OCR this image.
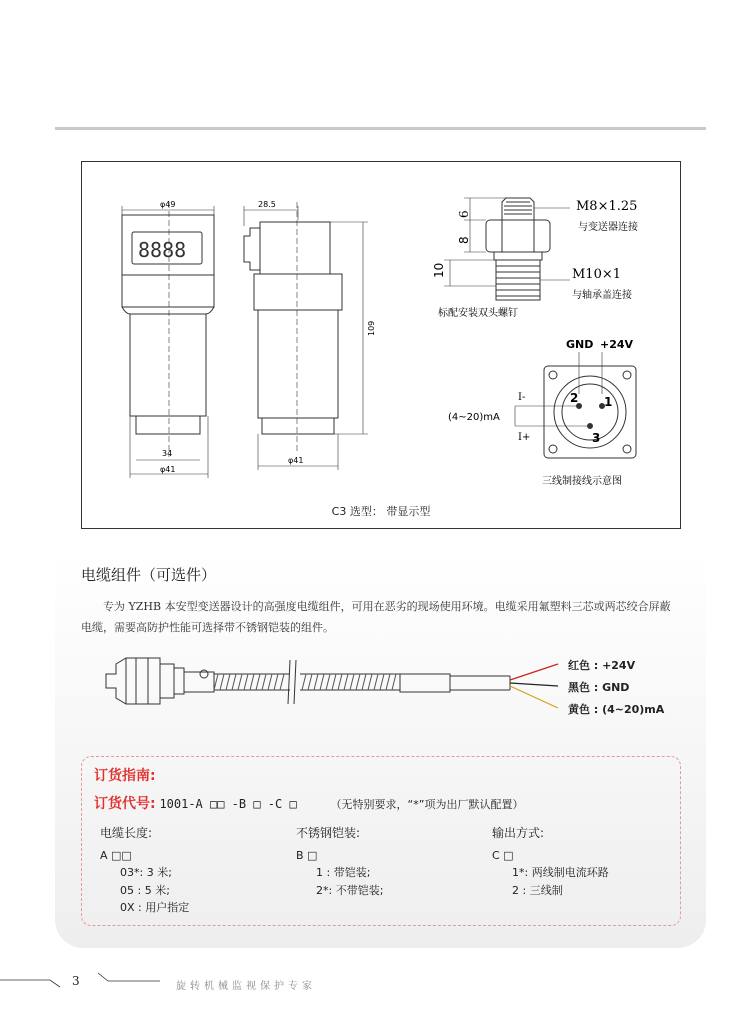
8888
φ49
34
φ41
28.5
109
φ41
6
8
10
M8×1.25
与变送器连接
M10×1
与轴承盖连接
标配安装双头螺钉
GND +24V
2 1
3
I-
I+
(4~20)mA
三线制接线示意图
C3 选型： 带显示型
电缆组件（可选件）
专为 YZHB 本安型变送器设计的高强度电缆组件，可用在恶劣的现场使用环境。电缆采用氟塑料三芯或两芯绞合屏蔽电缆，需要高防护性能可选择带不锈钢铠装的组件。
红色 : +24V
黑色 : GND
黄色 : (4~20)mA
订货指南:
订货代号: 1001-A □□ -B □ -C □	（无特别要求，“*”项为出厂默认配置）
电缆长度:
A □□
03*: 3 米;
05 : 5 米;
0X : 用户指定
不锈钢铠装:
B □
1 : 带铠装;
2*: 不带铠装;
输出方式:
C □
1*: 两线制电流环路
2 : 三线制
3	旋转机械监视保护专家
